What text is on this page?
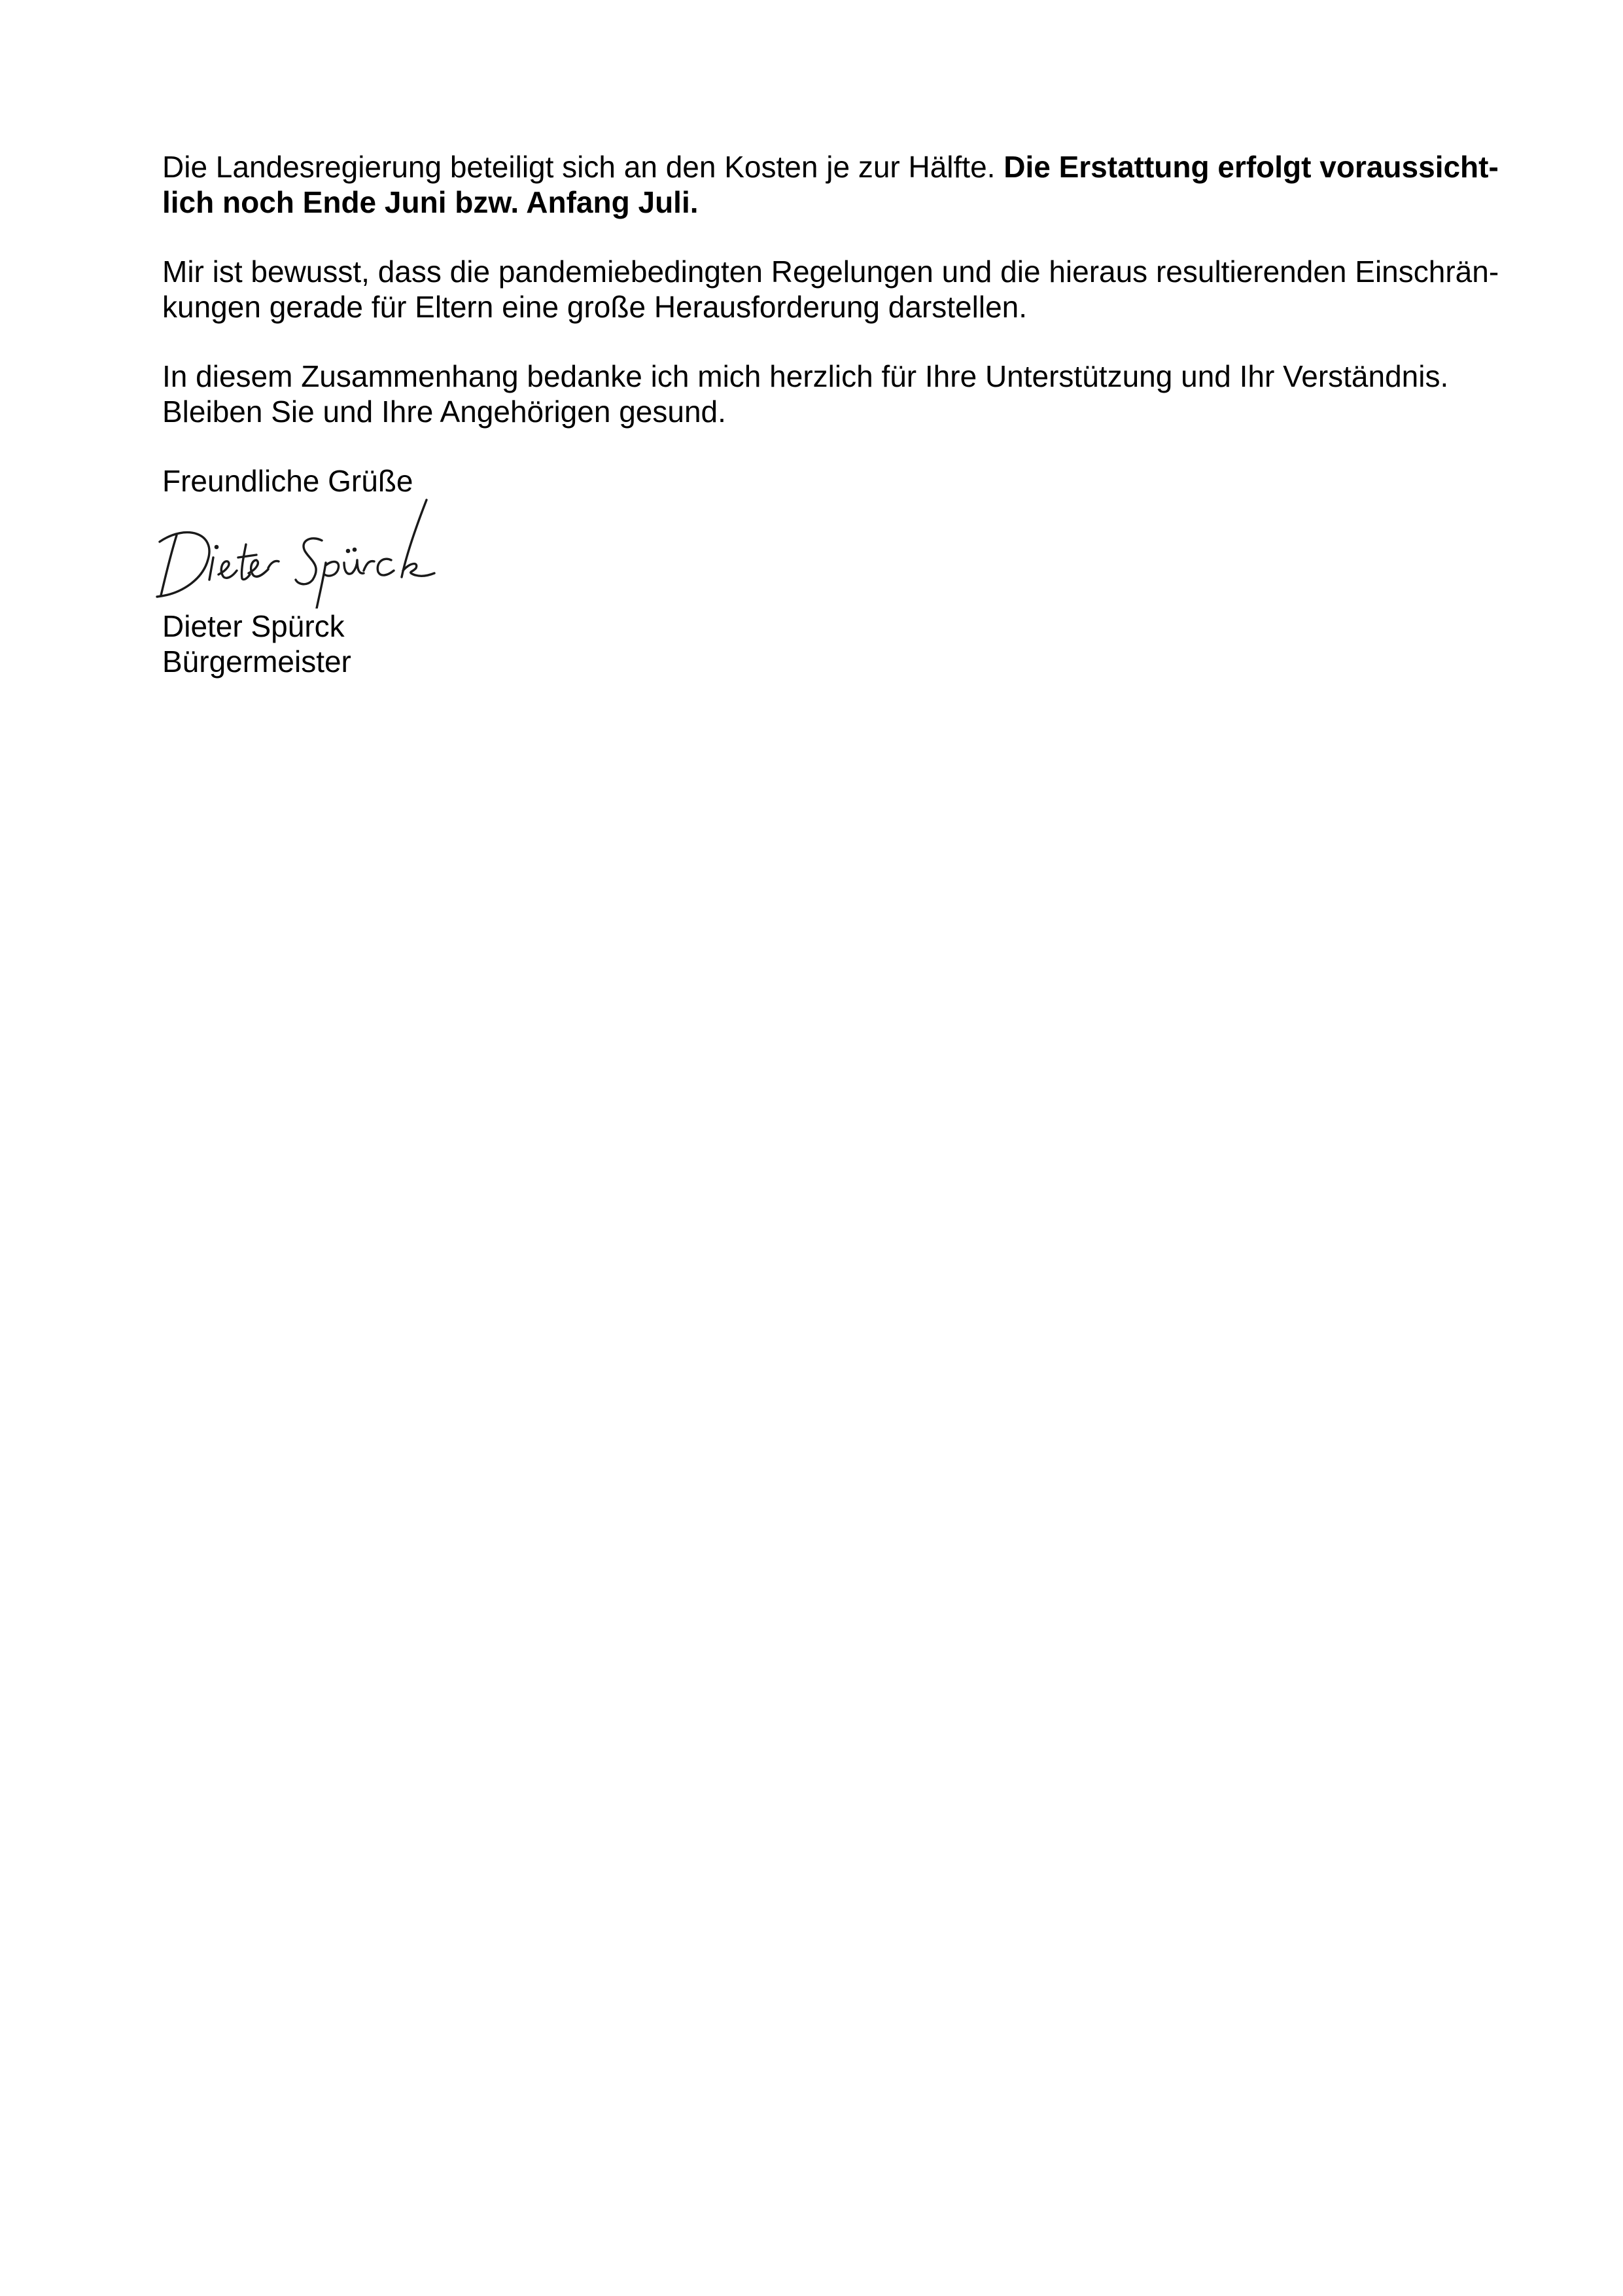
Die Landesregierung beteiligt sich an den Kosten je zur Hälfte. Die Erstattung erfolgt voraussicht-
lich noch Ende Juni bzw. Anfang Juli.

Mir ist bewusst, dass die pandemiebedingten Regelungen und die hieraus resultierenden Einschrän-
kungen gerade für Eltern eine große Herausforderung darstellen.

In diesem Zusammenhang bedanke ich mich herzlich für Ihre Unterstützung und Ihr Verständnis.
Bleiben Sie und Ihre Angehörigen gesund.

Freundliche Grüße

Dieter Spürck
Bürgermeister
